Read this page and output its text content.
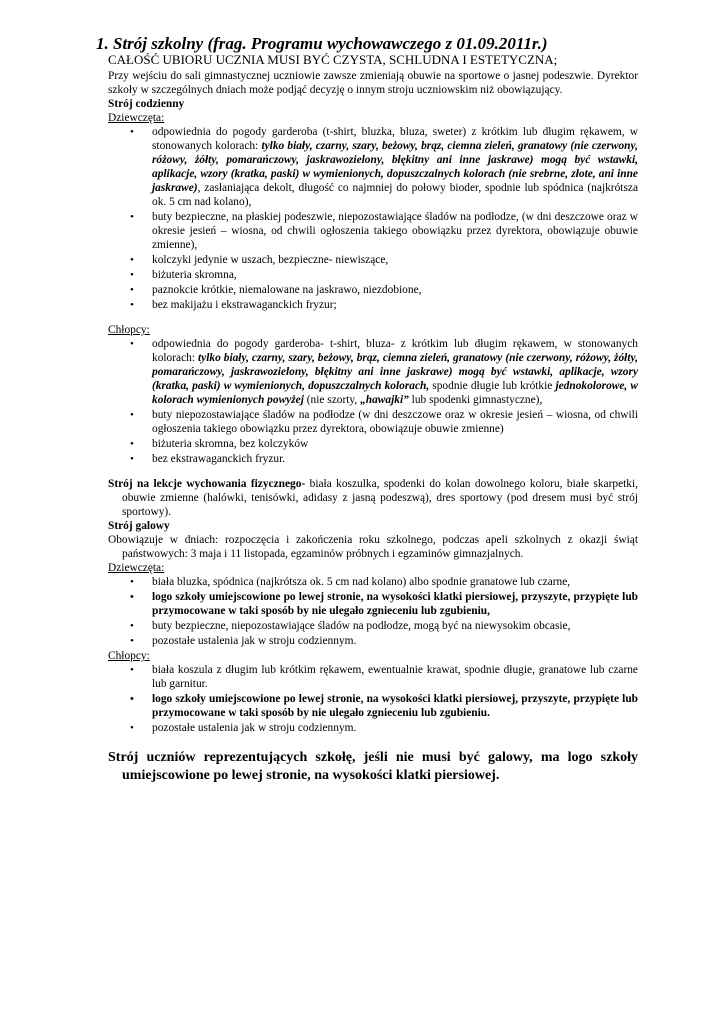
1. Strój szkolny (frag. Programu wychowawczego z 01.09.2011r.)
CAŁOŚĆ UBIORU UCZNIA MUSI BYĆ CZYSTA, SCHLUDNA I ESTETYCZNA;

Przy wejściu do sali gimnastycznej uczniowie zawsze zmieniają obuwie na sportowe o jasnej podeszwie. Dyrektor szkoły w szczególnych dniach może podjąć decyzję o innym stroju uczniowskim niż obowiązujący.

Strój codzienny
Dziewczęta:
• odpowiednia do pogody garderoba (t-shirt, bluzka, bluza, sweter) z krótkim lub długim rękawem, w stonowanych kolorach: tylko biały, czarny, szary, beżowy, brąz, ciemna zieleń, granatowy (nie czerwony, różowy, żółty, pomarańczowy, jaskrawozielony, błękitny ani inne jaskrawe) mogą być wstawki, aplikacje, wzory (kratka, paski) w wymienionych, dopuszczalnych kolorach (nie srebrne, złote, ani inne jaskrawe), zasłaniająca dekolt, długość co najmniej do połowy bioder, spodnie lub spódnica (najkrótsza ok. 5 cm nad kolano),
• buty bezpieczne, na płaskiej podeszwie, niepozostawiające śladów na podłodze, (w dni deszczowe oraz w okresie jesień – wiosna, od chwili ogłoszenia takiego obowiązku przez dyrektora, obowiązuje obuwie zmienne),
• kolczyki jedynie w uszach, bezpieczne- niewiszące,
• biżuteria skromna,
• paznokcie krótkie, niemalowane na jaskrawo, niezdobione,
• bez makijażu i ekstrawaganckich fryzur;
Chłopcy:
• odpowiednia do pogody garderoba- t-shirt, bluza- z krótkim lub długim rękawem, w stonowanych kolorach: tylko biały, czarny, szary, beżowy, brąz, ciemna zieleń, granatowy (nie czerwony, różowy, żółty, pomarańczowy, jaskrawozielony, błękitny ani inne jaskrawe) mogą być wstawki, aplikacje, wzory (kratka, paski) w wymienionych, dopuszczalnych kolorach, spodnie długie lub krótkie jednokolorowe, w kolorach wymienionych powyżej (nie szorty, „hawajki” lub spodenki gimnastyczne),
• buty niepozostawiające śladów na podłodze (w dni deszczowe oraz w okresie jesień – wiosna, od chwili ogłoszenia takiego obowiązku przez dyrektora, obowiązuje obuwie zmienne)
• biżuteria skromna, bez kolczyków
• bez ekstrawaganckich fryzur.

Strój na lekcje wychowania fizycznego- biała koszulka, spodenki do kolan dowolnego koloru, białe skarpetki, obuwie zmienne (halówki, tenisówki, adidasy z jasną podeszwą), dres sportowy (pod dresem musi być strój sportowy).

Strój galowy

Obowiązuje w dniach: rozpoczęcia i zakończenia roku szkolnego, podczas apeli szkolnych z okazji świąt państwowych: 3 maja i 11 listopada, egzaminów próbnych i egzaminów gimnazjalnych.

Dziewczęta:
• biała bluzka, spódnica (najkrótsza ok. 5 cm nad kolano) albo spodnie granatowe lub czarne,
• logo szkoły umiejscowione po lewej stronie, na wysokości klatki piersiowej, przyszyte, przypięte lub przymocowane w taki sposób by nie ulegało zgnieceniu lub zgubieniu,
• buty bezpieczne, niepozostawiające śladów na podłodze, mogą być na niewysokim obcasie,
• pozostałe ustalenia jak w stroju codziennym.
Chłopcy:
• biała koszula z długim lub krótkim rękawem, ewentualnie krawat, spodnie długie, granatowe lub czarne lub garnitur.
• logo szkoły umiejscowione po lewej stronie, na wysokości klatki piersiowej, przyszyte, przypięte lub przymocowane w taki sposób by nie ulegało zgnieceniu lub zgubieniu.
• pozostałe ustalenia jak w stroju codziennym.
Strój uczniów reprezentujących szkołę, jeśli nie musi być galowy, ma logo szkoły umiejscowione po lewej stronie, na wysokości klatki piersiowej.
